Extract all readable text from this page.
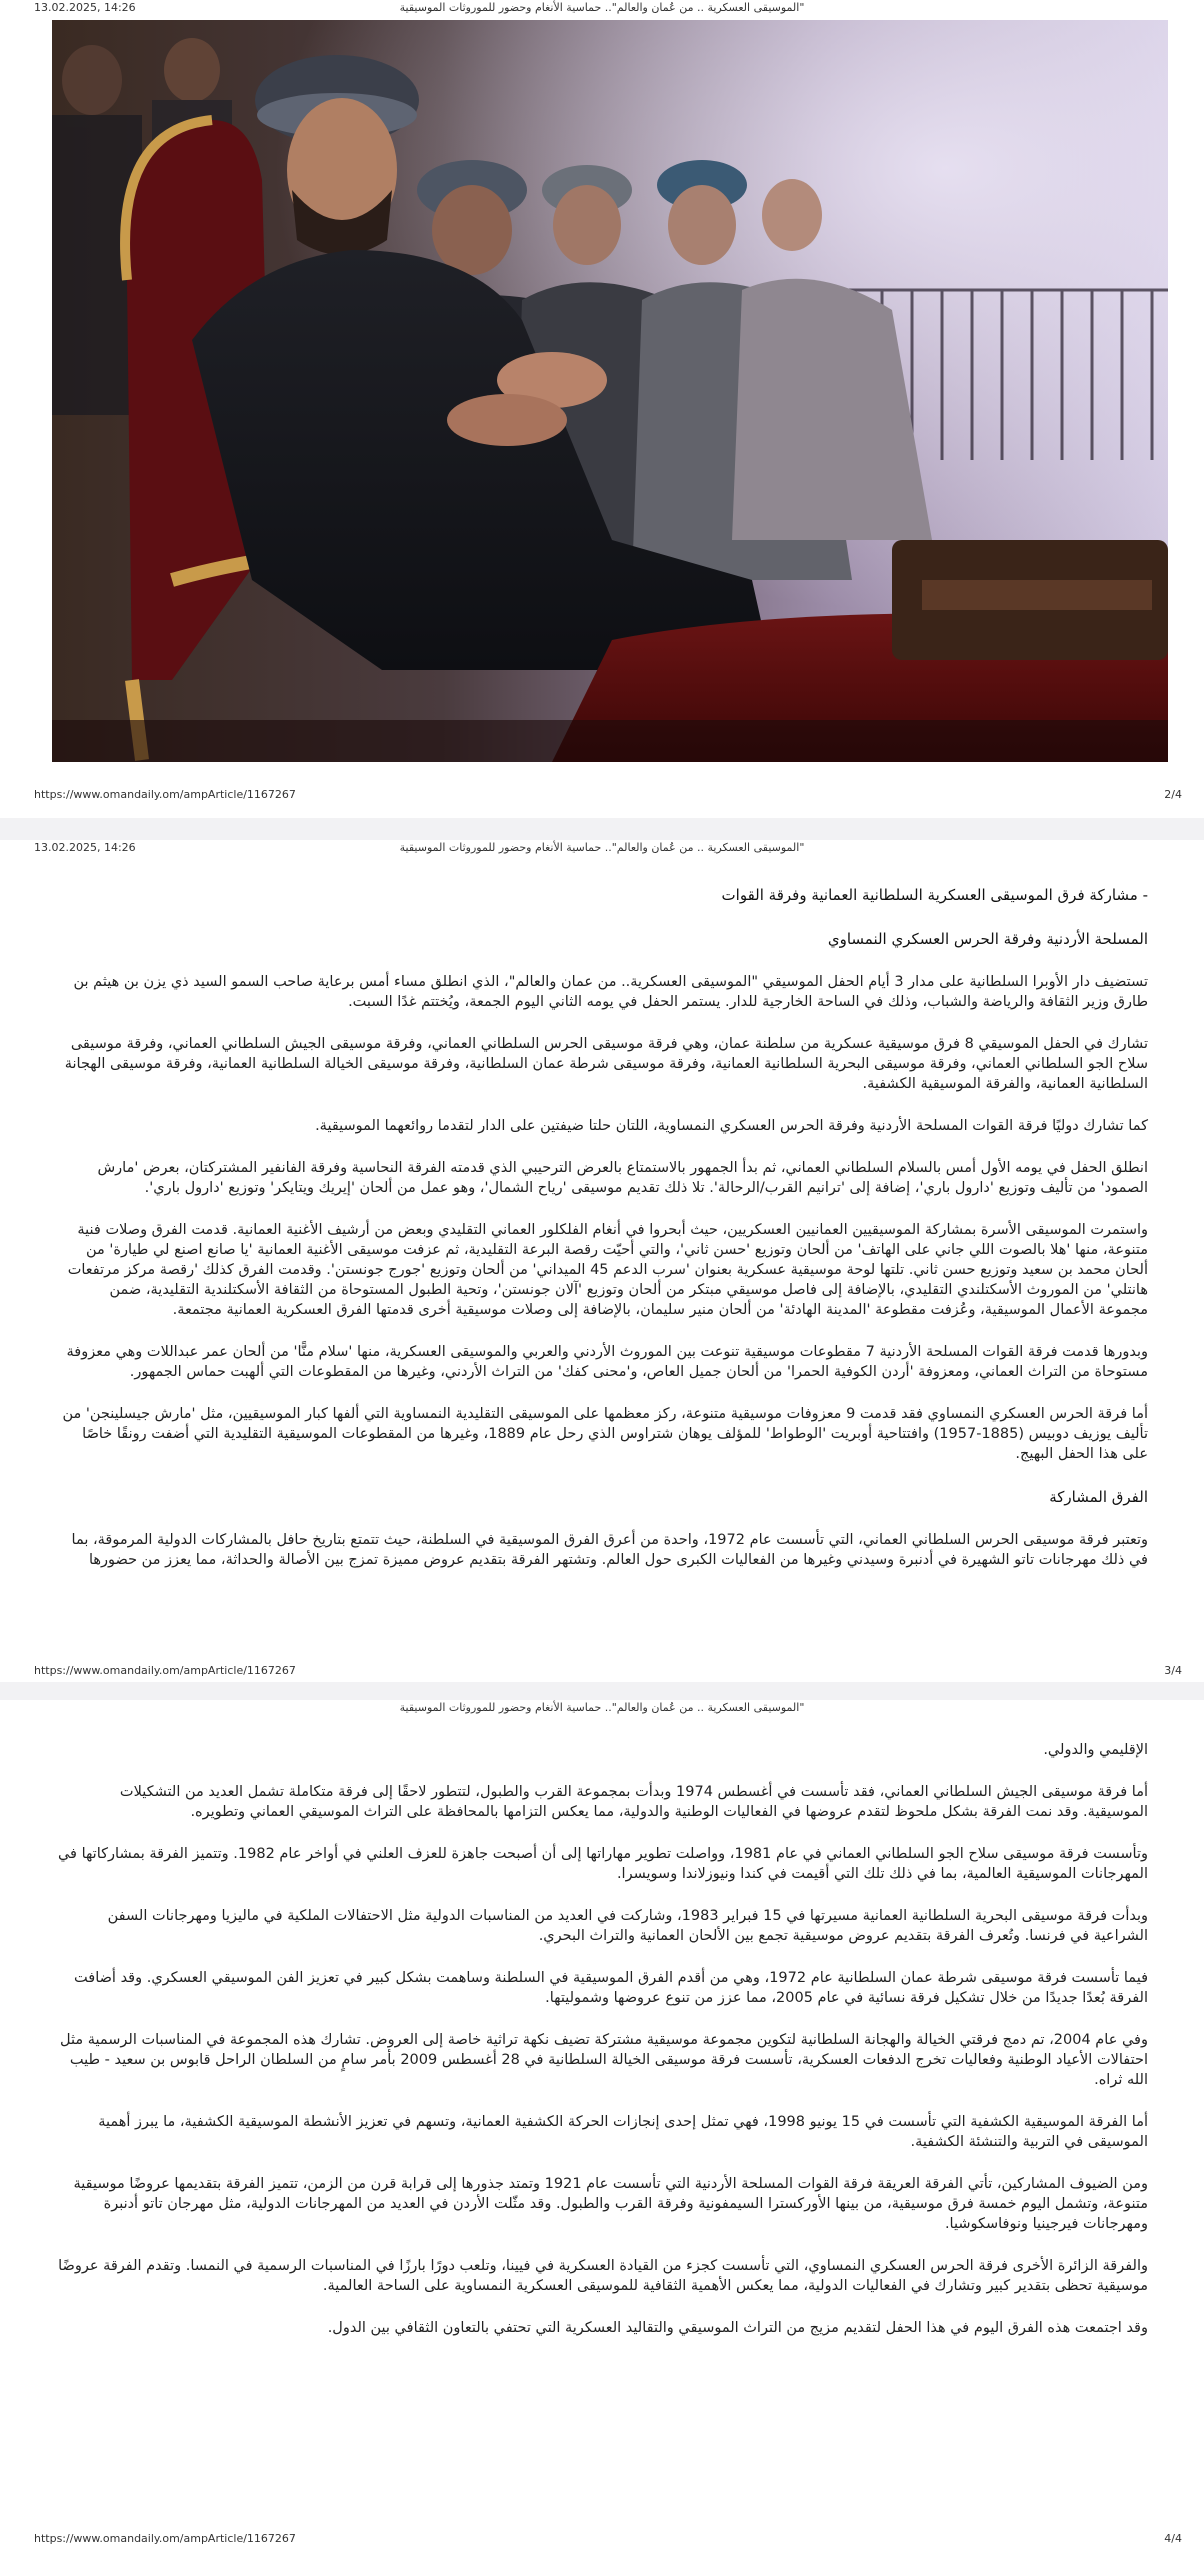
13.02.2025, 14:26	الموسيقى العسكرية .. من عُمان والعالم".. حماسية الأنغام وحضور للموروثات الموسيقية"
https://www.omandaily.om/ampArticle/1167267	2/4
13.02.2025, 14:26	الموسيقى العسكرية .. من عُمان والعالم".. حماسية الأنغام وحضور للموروثات الموسيقية"
- مشاركة فرق الموسيقى العسكرية السلطانية العمانية وفرقة القوات
المسلحة الأردنية وفرقة الحرس العسكري النمساوي

تستضيف دار الأوبرا السلطانية على مدار 3 أيام الحفل الموسيقي "الموسيقى العسكرية.. من عمان والعالم"، الذي انطلق مساء أمس برعاية صاحب السمو السيد ذي يزن بن هيثم بن طارق وزير الثقافة والرياضة والشباب، وذلك في الساحة الخارجية للدار. يستمر الحفل في يومه الثاني اليوم الجمعة، ويُختتم غدًا السبت.

تشارك في الحفل الموسيقي 8 فرق موسيقية عسكرية من سلطنة عمان، وهي فرقة موسيقى الحرس السلطاني العماني، وفرقة موسيقى الجيش السلطاني العماني، وفرقة موسيقى سلاح الجو السلطاني العماني، وفرقة موسيقى البحرية السلطانية العمانية، وفرقة موسيقى شرطة عمان السلطانية، وفرقة موسيقى الخيالة السلطانية العمانية، وفرقة موسيقى الهجانة السلطانية العمانية، والفرقة الموسيقية الكشفية.

كما تشارك دوليًا فرقة القوات المسلحة الأردنية وفرقة الحرس العسكري النمساوية، اللتان حلتا ضيفتين على الدار لتقدما روائعهما الموسيقية.

انطلق الحفل في يومه الأول أمس بالسلام السلطاني العماني، ثم بدأ الجمهور بالاستمتاع بالعرض الترحيبي الذي قدمته الفرقة النحاسية وفرقة الفانفير المشتركتان، بعرض 'مارش الصمود' من تأليف وتوزيع 'دارول باري'، إضافة إلى 'ترانيم القرب/الرحالة'. تلا ذلك تقديم موسيقى 'رياح الشمال'، وهو عمل من ألحان 'إيريك ويتايكر' وتوزيع 'دارول باري'.

واستمرت الموسيقى الأسرة بمشاركة الموسيقيين العمانيين العسكريين، حيث أبحروا في أنغام الفلكلور العماني التقليدي وبعض من أرشيف الأغنية العمانية. قدمت الفرق وصلات فنية متنوعة، منها 'هلا بالصوت اللي جاني على الهاتف' من ألحان وتوزيع 'حسن ثاني'، والتي أحيّت رقصة البرعة التقليدية، ثم عزفت موسيقى الأغنية العمانية 'يا صانع اصنع لي طيارة' من ألحان محمد بن سعيد وتوزيع حسن ثاني. تلتها لوحة موسيقية عسكرية بعنوان 'سرب الدعم 45 الميداني' من ألحان وتوزيع 'جورج جونستن'. وقدمت الفرق كذلك 'رقصة مركز مرتفعات هانتلي' من الموروث الأسكتلندي التقليدي، بالإضافة إلى فاصل موسيقي مبتكر من ألحان وتوزيع 'آلان جونستن'، وتحية الطبول المستوحاة من الثقافة الأسكتلندية التقليدية، ضمن مجموعة الأعمال الموسيقية، وعُزفت مقطوعة 'المدينة الهادئة' من ألحان منير سليمان، بالإضافة إلى وصلات موسيقية أخرى قدمتها الفرق العسكرية العمانية مجتمعة.

وبدورها قدمت فرقة القوات المسلحة الأردنية 7 مقطوعات موسيقية تنوعت بين الموروث الأردني والعربي والموسيقى العسكرية، منها 'سلام منًّا' من ألحان عمر عبداللات وهي معزوفة مستوحاة من التراث العماني، ومعزوفة 'أردن الكوفية الحمرا' من ألحان جميل العاص، و'محنى كفك' من التراث الأردني، وغيرها من المقطوعات التي ألهبت حماس الجمهور.

أما فرقة الحرس العسكري النمساوي فقد قدمت 9 معزوفات موسيقية متنوعة، ركز معظمها على الموسيقى التقليدية النمساوية التي ألفها كبار الموسيقيين، مثل 'مارش جيسلينجن' من تأليف يوزيف دوبيس (1885-1957) وافتتاحية أوبريت 'الوطواط' للمؤلف يوهان شتراوس الذي رحل عام 1889، وغيرها من المقطوعات الموسيقية التقليدية التي أضفت رونقًا خاصًا على هذا الحفل البهيج.

الفرق المشاركة

وتعتبر فرقة موسيقى الحرس السلطاني العماني، التي تأسست عام 1972، واحدة من أعرق الفرق الموسيقية في السلطنة، حيث تتمتع بتاريخ حافل بالمشاركات الدولية المرموقة، بما في ذلك مهرجانات تاتو الشهيرة في أدنبرة وسيدني وغيرها من الفعاليات الكبرى حول العالم. وتشتهر الفرقة بتقديم عروض مميزة تمزج بين الأصالة والحداثة، مما يعزز من حضورها

https://www.omandaily.om/ampArticle/1167267	3/4
الموسيقى العسكرية .. من عُمان والعالم".. حماسية الأنغام وحضور للموروثات الموسيقية"

الإقليمي والدولي.

أما فرقة موسيقى الجيش السلطاني العماني، فقد تأسست في أغسطس 1974 وبدأت بمجموعة القرب والطبول، لتتطور لاحقًا إلى فرقة متكاملة تشمل العديد من التشكيلات الموسيقية. وقد نمت الفرقة بشكل ملحوظ لتقدم عروضها في الفعاليات الوطنية والدولية، مما يعكس التزامها بالمحافظة على التراث الموسيقي العماني وتطويره.

وتأسست فرقة موسيقى سلاح الجو السلطاني العماني في عام 1981، وواصلت تطوير مهاراتها إلى أن أصبحت جاهزة للعزف العلني في أواخر عام 1982. وتتميز الفرقة بمشاركاتها في المهرجانات الموسيقية العالمية، بما في ذلك تلك التي أقيمت في كندا ونيوزلاندا وسويسرا.

وبدأت فرقة موسيقى البحرية السلطانية العمانية مسيرتها في 15 فبراير 1983، وشاركت في العديد من المناسبات الدولية مثل الاحتفالات الملكية في ماليزيا ومهرجانات السفن الشراعية في فرنسا. وتُعرف الفرقة بتقديم عروض موسيقية تجمع بين الألحان العمانية والتراث البحري.

فيما تأسست فرقة موسيقى شرطة عمان السلطانية عام 1972، وهي من أقدم الفرق الموسيقية في السلطنة وساهمت بشكل كبير في تعزيز الفن الموسيقي العسكري. وقد أضافت الفرقة بُعدًا جديدًا من خلال تشكيل فرقة نسائية في عام 2005، مما عزز من تنوع عروضها وشموليتها.

وفي عام 2004، تم دمج فرقتي الخيالة والهجانة السلطانية لتكوين مجموعة موسيقية مشتركة تضيف نكهة تراثية خاصة إلى العروض. تشارك هذه المجموعة في المناسبات الرسمية مثل احتفالات الأعياد الوطنية وفعاليات تخرج الدفعات العسكرية، تأسست فرقة موسيقى الخيالة السلطانية في 28 أغسطس 2009 بأمر سامٍ من السلطان الراحل قابوس بن سعيد - طيب الله ثراه.

أما الفرقة الموسيقية الكشفية التي تأسست في 15 يونيو 1998، فهي تمثل إحدى إنجازات الحركة الكشفية العمانية، وتسهم في تعزيز الأنشطة الموسيقية الكشفية، ما يبرز أهمية الموسيقى في التربية والتنشئة الكشفية.

ومن الضيوف المشاركين، تأتي الفرقة العريقة فرقة القوات المسلحة الأردنية التي تأسست عام 1921 وتمتد جذورها إلى قرابة قرن من الزمن، تتميز الفرقة بتقديمها عروضًا موسيقية متنوعة، وتشمل اليوم خمسة فرق موسيقية، من بينها الأوركسترا السيمفونية وفرقة القرب والطبول. وقد مثّلت الأردن في العديد من المهرجانات الدولية، مثل مهرجان تاتو أدنبرة ومهرجانات فيرجينيا ونوفاسكوشيا.

والفرقة الزائرة الأخرى فرقة الحرس العسكري النمساوي، التي تأسست كجزء من القيادة العسكرية في فيينا، وتلعب دورًا بارزًا في المناسبات الرسمية في النمسا. وتقدم الفرقة عروضًا موسيقية تحظى بتقدير كبير وتشارك في الفعاليات الدولية، مما يعكس الأهمية الثقافية للموسيقى العسكرية النمساوية على الساحة العالمية.

وقد اجتمعت هذه الفرق اليوم في هذا الحفل لتقديم مزيج من التراث الموسيقي والتقاليد العسكرية التي تحتفي بالتعاون الثقافي بين الدول.

https://www.omandaily.om/ampArticle/1167267	4/4
